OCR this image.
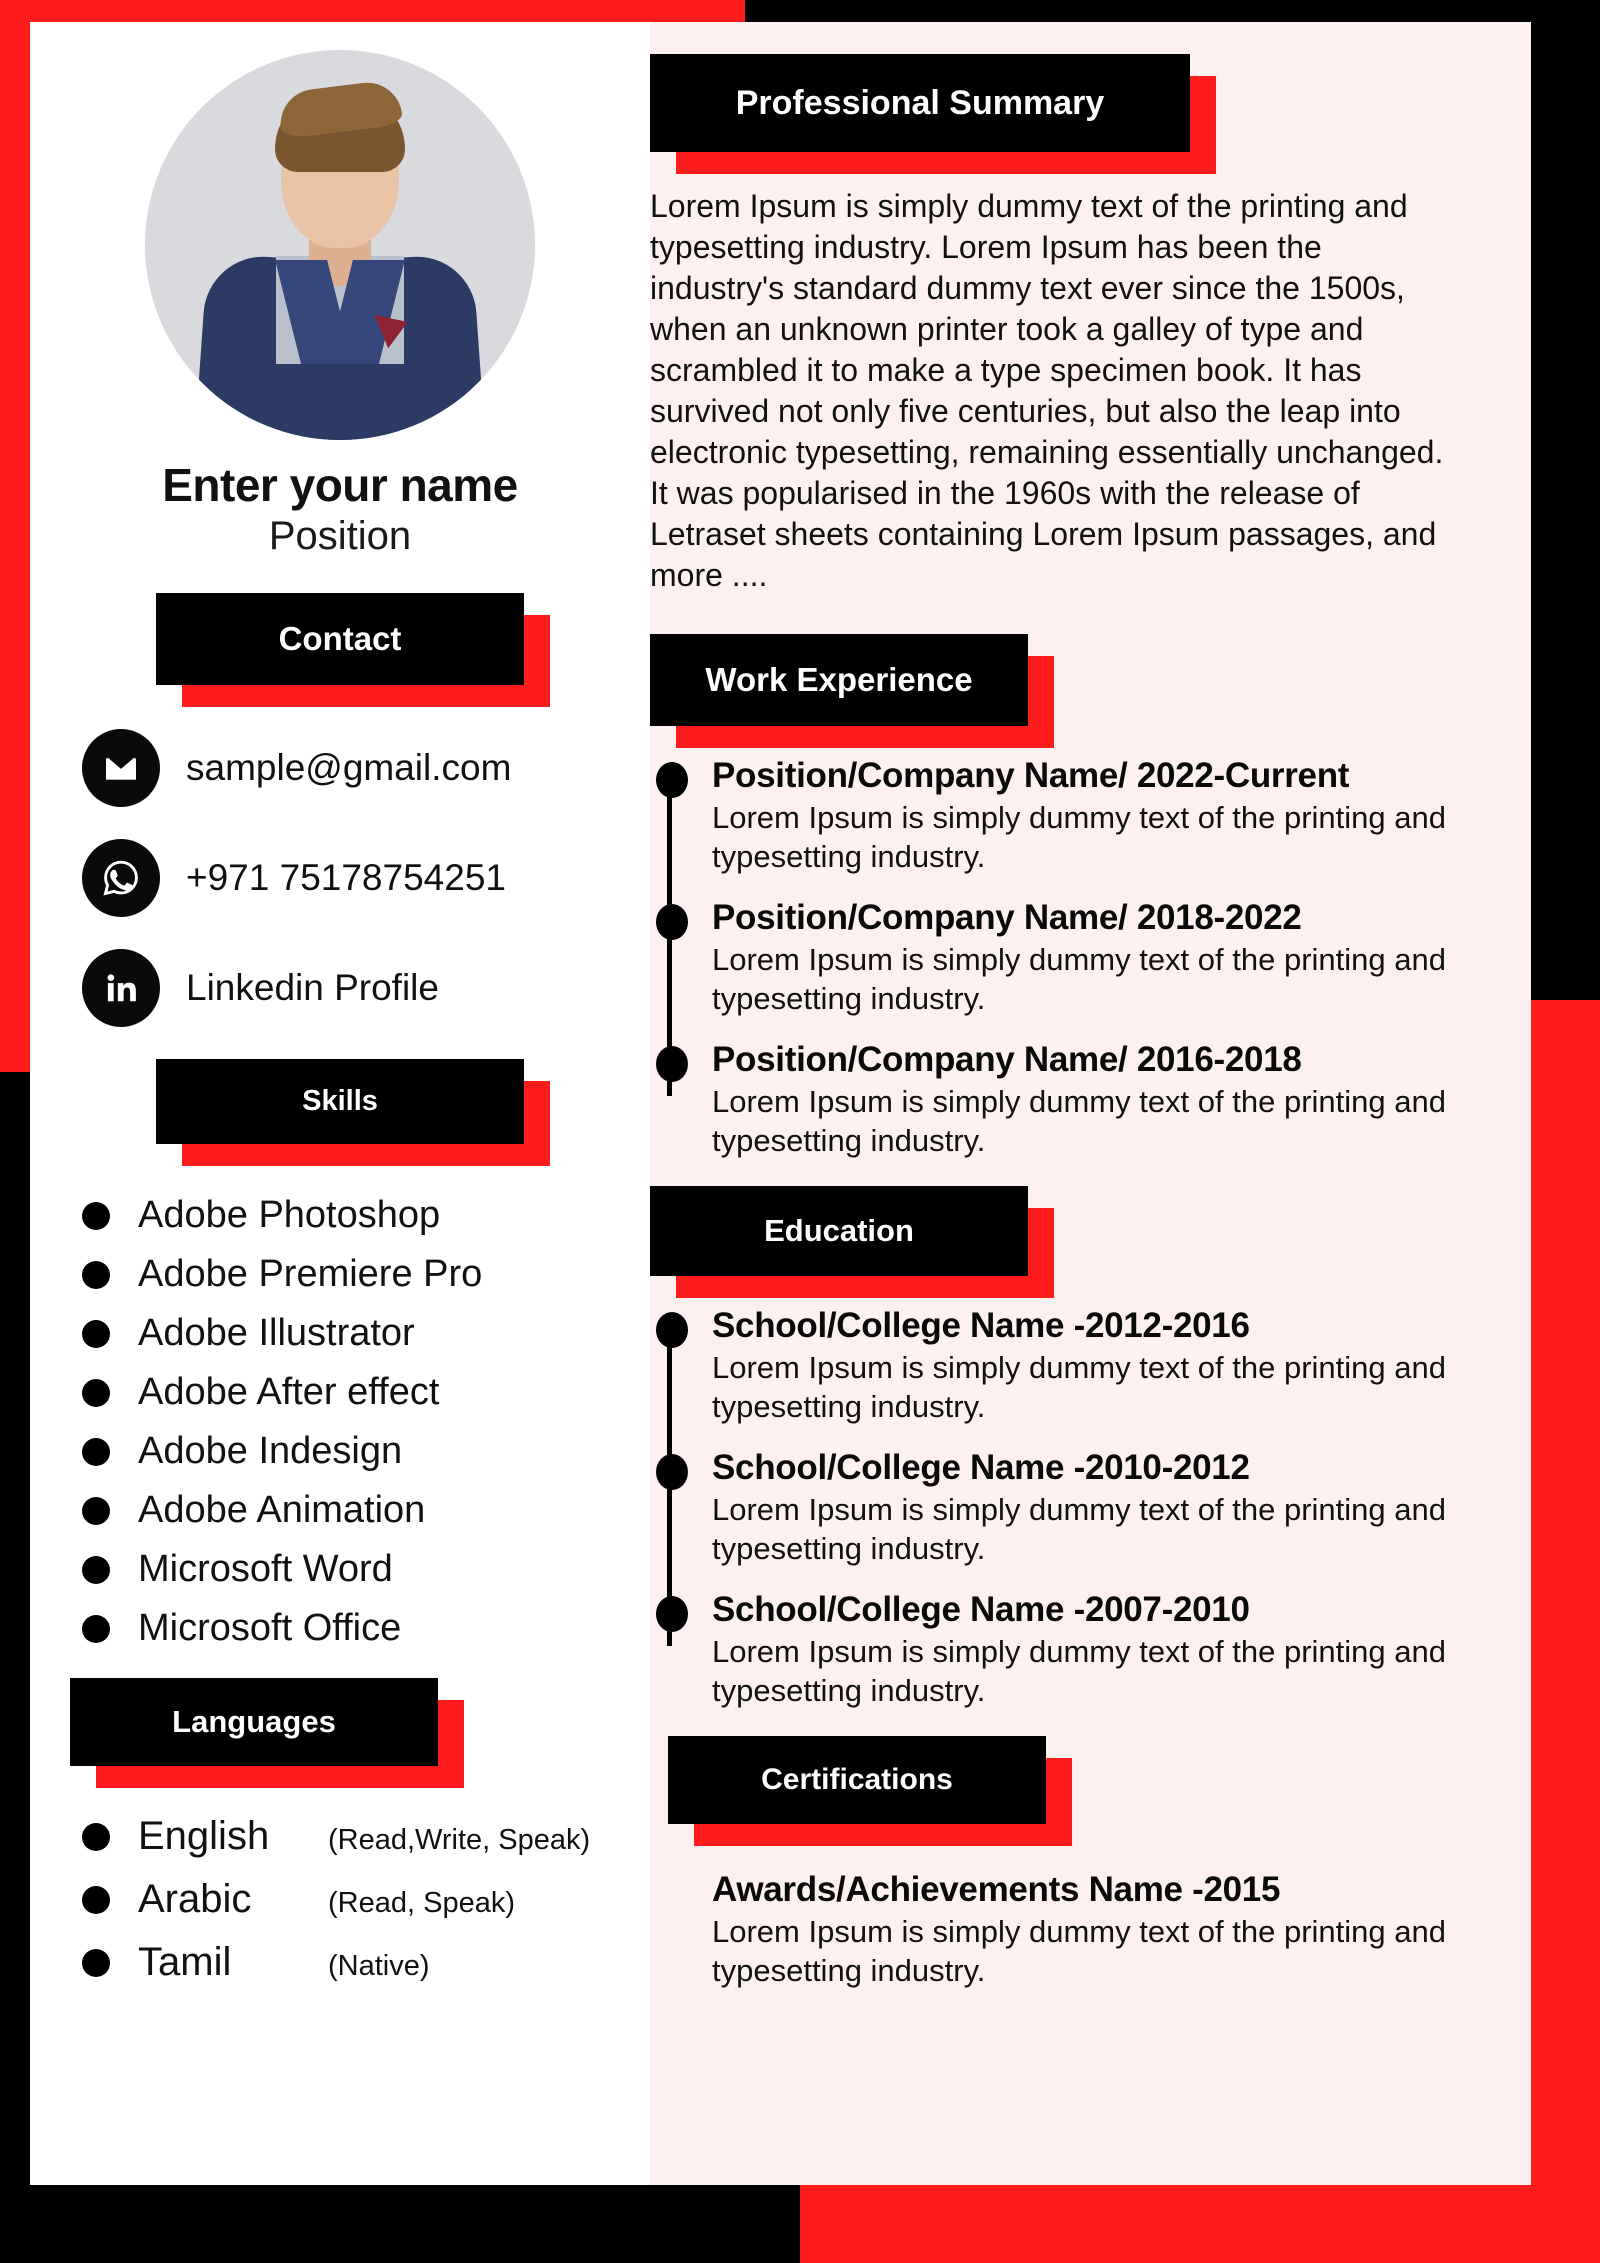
Enter your name
Position
Contact
sample@gmail.com
+971 75178754251
Linkedin Profile
Skills
Adobe Photoshop
Adobe Premiere Pro
Adobe Illustrator
Adobe After effect
Adobe Indesign
Adobe Animation
Microsoft Word
Microsoft Office
Languages
English	(Read,Write, Speak)
Arabic	(Read, Speak)
Tamil	(Native)
Professional Summary
Lorem Ipsum is simply dummy text of the printing and typesetting industry. Lorem Ipsum has been the industry's standard dummy text ever since the 1500s, when an unknown printer took a galley of type and scrambled it to make a type specimen book. It has survived not only five centuries, but also the leap into electronic typesetting, remaining essentially unchanged. It was popularised in the 1960s with the release of Letraset sheets containing Lorem Ipsum passages, and more ....
Work Experience
Position/Company Name/ 2022-Current
Lorem Ipsum is simply dummy text of the printing and typesetting industry.
Position/Company Name/ 2018-2022
Lorem Ipsum is simply dummy text of the printing and typesetting industry.
Position/Company Name/ 2016-2018
Lorem Ipsum is simply dummy text of the printing and typesetting industry.
Education
School/College Name -2012-2016
Lorem Ipsum is simply dummy text of the printing and typesetting industry.
School/College Name -2010-2012
Lorem Ipsum is simply dummy text of the printing and typesetting industry.
School/College Name -2007-2010
Lorem Ipsum is simply dummy text of the printing and typesetting industry.
Certifications
Awards/Achievements Name -2015
Lorem Ipsum is simply dummy text of the printing and typesetting industry.
